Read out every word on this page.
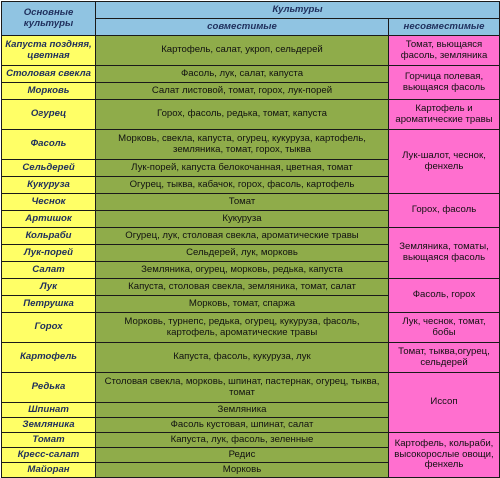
Основные культуры	Культуры	
	совместимые	несовместимые
Капуста поздняя, цветная	Картофель, салат, укроп, сельдерей	Томат, вьющаяся фасоль, земляника
Столовая свекла	Фасоль, лук, салат, капуста	Горчица полевая, вьющаяся фасоль
Морковь	Салат листовой, томат, горох, лук-порей	
Огурец	Горох, фасоль, редька, томат, капуста	Картофель и ароматические травы
Фасоль	Морковь, свекла, капуста, огурец, кукуруза, картофель, земляника, томат, горох, тыква	Лук-шалот, чеснок, фенхель
Сельдерей	Лук-порей, капуста белокочанная, цветная, томат	
Кукуруза	Огурец, тыква, кабачок, горох, фасоль, картофель	
Чеснок	Томат	Горох, фасоль
Артишок	Кукуруза	
Кольраби	Огурец, лук, столовая свекла, ароматические травы	Земляника, томаты, вьющаяся фасоль
Лук-порей	Сельдерей, лук, морковь	
Салат	Земляника, огурец, морковь, редька, капуста	
Лук	Капуста, столовая свекла, земляника, томат, салат	Фасоль, горох
Петрушка	Морковь, томат, спаржа	
Горох	Морковь, турнепс, редька, огурец, кукуруза, фасоль, картофель, ароматические травы	Лук, чеснок, томат, бобы
Картофель	Капуста, фасоль, кукуруза, лук	Томат, тыква,огурец, сельдерей
Редька	Столовая свекла, морковь, шпинат, пастернак, огурец, тыква, томат	Иссоп
Шпинат	Земляника	
Земляника	Фасоль кустовая, шпинат, салат	
Томат	Капуста, лук, фасоль, зеленные	Картофель, кольраби, высокорослые овощи, фенхель
Кресс-салат	Редис	
Майоран	Морковь	
